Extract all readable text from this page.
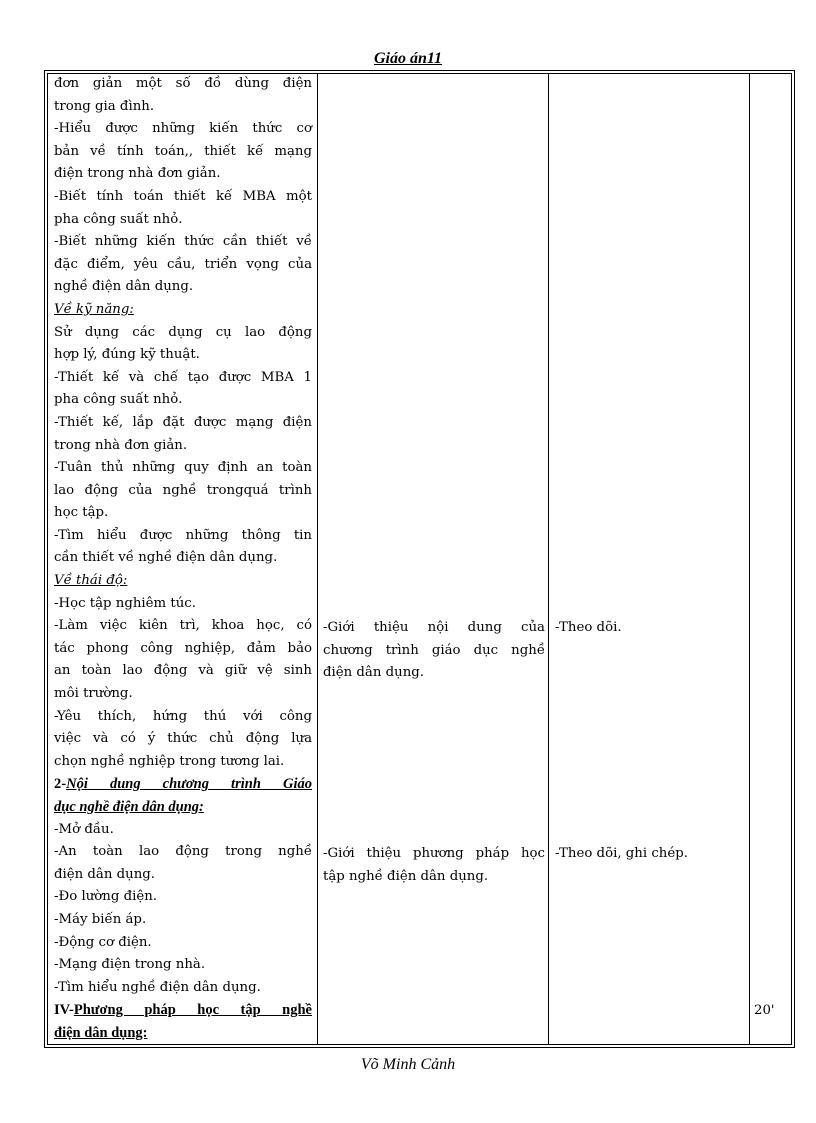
Giáo án11
đơn giản một số đồ dùng điện
trong gia đình.
-Hiểu được những kiến thức cơ
bản về tính toán,, thiết kế mạng
điện trong nhà đơn giản.
-Biết tính toán thiết kế MBA một
pha công suất nhỏ.
-Biết những kiến thức cần thiết về
đặc điểm, yêu cầu, triển vọng của
nghề điện dân dụng.
Về kỹ năng:
Sử dụng các dụng cụ lao động
hợp lý, đúng kỹ thuật.
-Thiết kế và chế tạo được MBA 1
pha công suất nhỏ.
-Thiết kế, lắp đặt được mạng điện
trong nhà đơn giản.
-Tuân thủ những quy định an toàn
lao động của nghề trongquá trình
học tập.
-Tìm hiểu được những thông tin
cần thiết về nghề điện dân dụng.
Về thái độ:
-Học tập nghiêm túc.
-Làm việc kiên trì, khoa học, có
tác phong công nghiệp, đảm bảo
an toàn lao động và giữ vệ sinh
môi trường.
-Yêu thích, hứng thú với công
việc và có ý thức chủ động lựa
chọn nghề nghiệp trong tương lai.
2-Nội dung chương trình Giáo
dục nghề điện dân dụng:
-Mở đầu.
-An toàn lao động trong nghề
điện dân dụng.
-Đo lường điện.
-Máy biến áp.
-Động cơ điện.
-Mạng điện trong nhà.
-Tìm hiểu nghề điện dân dụng.
IV-Phương pháp học tập nghề
điện dân dụng:
-Giới thiệu nội dung của
chương trình giáo dục nghề
điện dân dụng.
-Theo dõi.
-Giới thiệu phương pháp học
tập nghề điện dân dụng.
-Theo dõi, ghi chép.
20'
Võ Minh Cảnh
